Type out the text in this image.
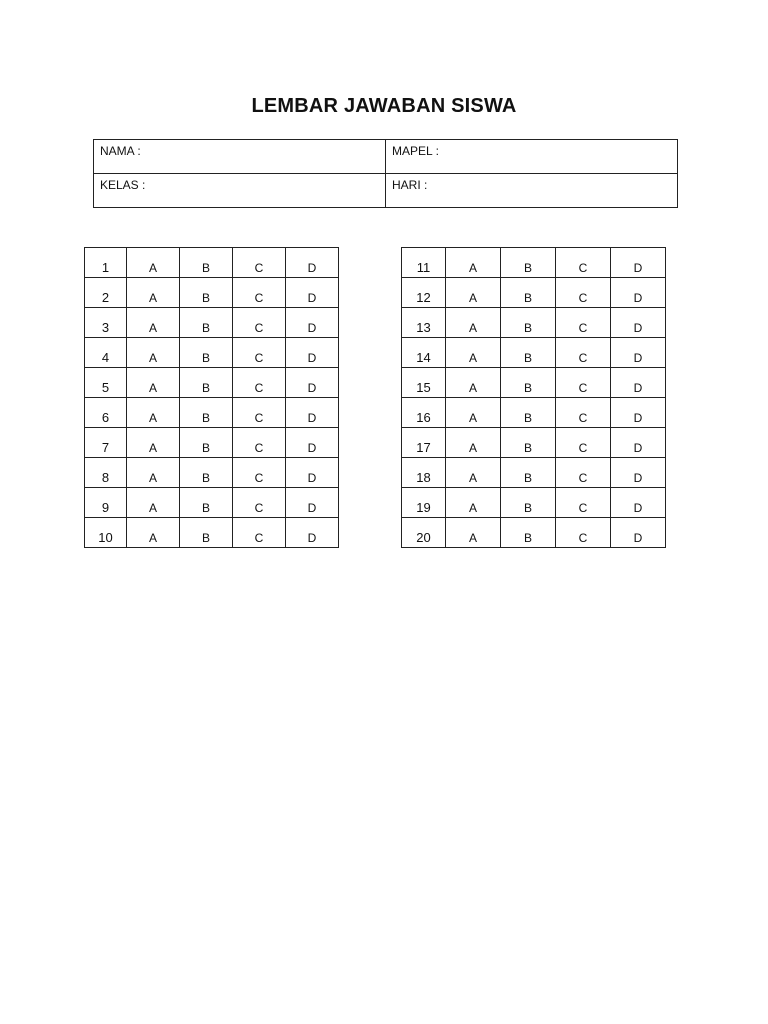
LEMBAR JAWABAN SISWA
NAMA :	MAPEL :
KELAS :	HARI :
1	A	B	C	D
2	A	B	C	D
3	A	B	C	D
4	A	B	C	D
5	A	B	C	D
6	A	B	C	D
7	A	B	C	D
8	A	B	C	D
9	A	B	C	D
10	A	B	C	D
11	A	B	C	D
12	A	B	C	D
13	A	B	C	D
14	A	B	C	D
15	A	B	C	D
16	A	B	C	D
17	A	B	C	D
18	A	B	C	D
19	A	B	C	D
20	A	B	C	D
